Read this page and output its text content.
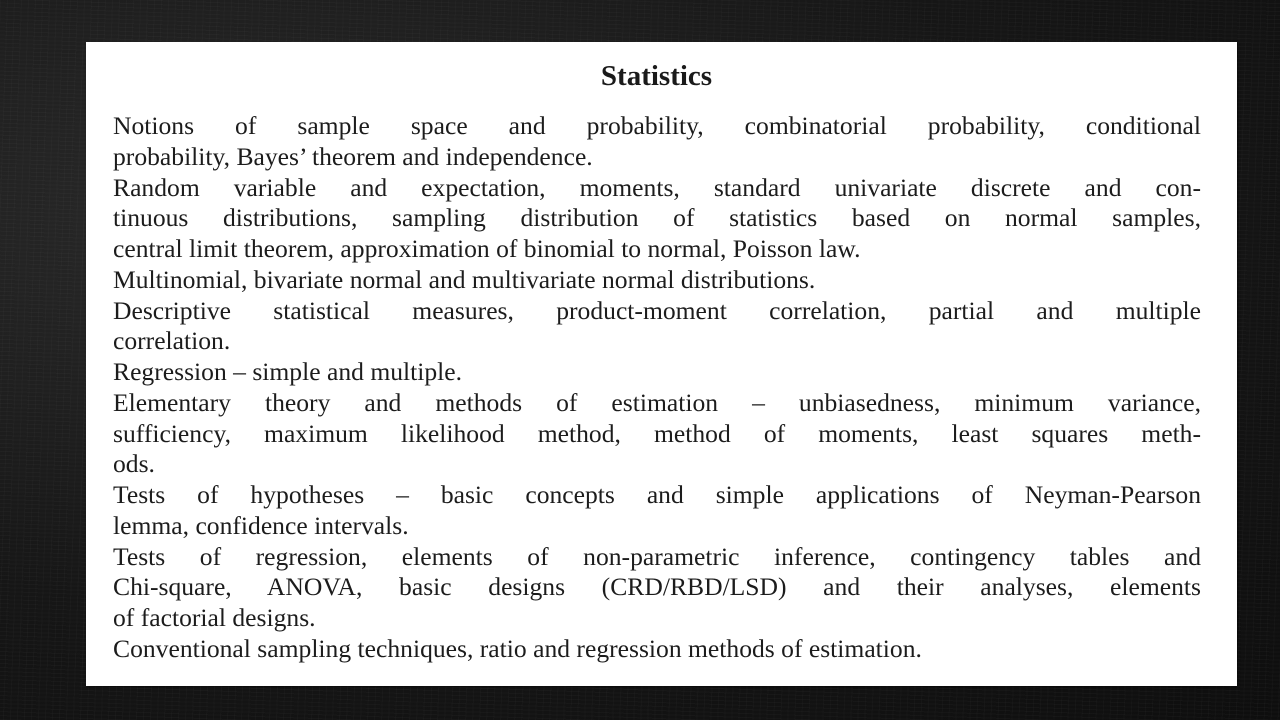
Statistics
Notions of sample space and probability, combinatorial probability, conditional
probability, Bayes’ theorem and independence.
Random variable and expectation, moments, standard univariate discrete and con-
tinuous distributions, sampling distribution of statistics based on normal samples,
central limit theorem, approximation of binomial to normal, Poisson law.
Multinomial, bivariate normal and multivariate normal distributions.
Descriptive statistical measures, product-moment correlation, partial and multiple
correlation.
Regression – simple and multiple.
Elementary theory and methods of estimation – unbiasedness, minimum variance,
sufficiency, maximum likelihood method, method of moments, least squares meth-
ods.
Tests of hypotheses – basic concepts and simple applications of Neyman-Pearson
lemma, confidence intervals.
Tests of regression, elements of non-parametric inference, contingency tables and
Chi-square, ANOVA, basic designs (CRD/RBD/LSD) and their analyses, elements
of factorial designs.
Conventional sampling techniques, ratio and regression methods of estimation.
